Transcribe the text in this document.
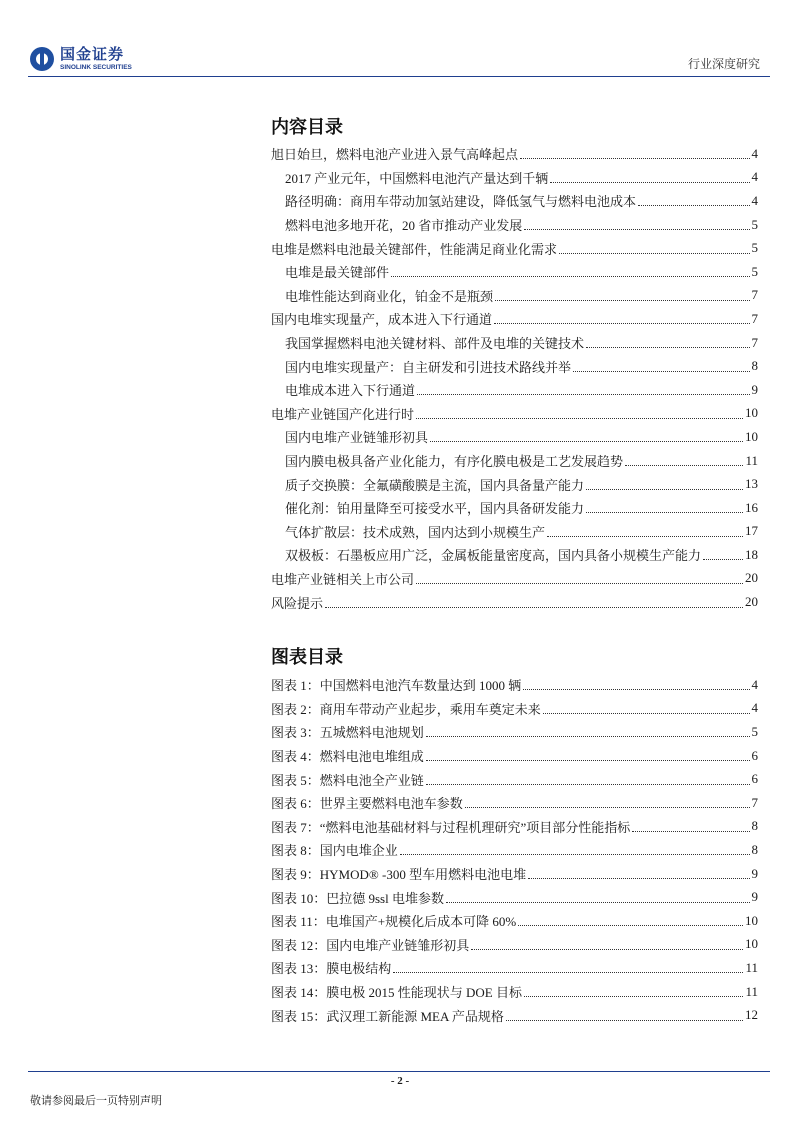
国金证券
SINOLINK SECURITIES	行业深度研究
内容目录
旭日始旦，燃料电池产业进入景气高峰起点	4
2017 产业元年，中国燃料电池汽产量达到千辆	4
路径明确：商用车带动加氢站建设，降低氢气与燃料电池成本	4
燃料电池多地开花，20 省市推动产业发展	5
电堆是燃料电池最关键部件，性能满足商业化需求	5
电堆是最关键部件	5
电堆性能达到商业化，铂金不是瓶颈	7
国内电堆实现量产，成本进入下行通道	7
我国掌握燃料电池关键材料、部件及电堆的关键技术	7
国内电堆实现量产：自主研发和引进技术路线并举	8
电堆成本进入下行通道	9
电堆产业链国产化进行时	10
国内电堆产业链雏形初具	10
国内膜电极具备产业化能力，有序化膜电极是工艺发展趋势	11
质子交换膜：全氟磺酸膜是主流，国内具备量产能力	13
催化剂：铂用量降至可接受水平，国内具备研发能力	16
气体扩散层：技术成熟，国内达到小规模生产	17
双极板：石墨板应用广泛，金属板能量密度高，国内具备小规模生产能力	18
电堆产业链相关上市公司	20
风险提示	20
图表目录
图表 1：中国燃料电池汽车数量达到 1000 辆	4
图表 2：商用车带动产业起步，乘用车奠定未来	4
图表 3：五城燃料电池规划	5
图表 4：燃料电池电堆组成	6
图表 5：燃料电池全产业链	6
图表 6：世界主要燃料电池车参数	7
图表 7：“燃料电池基础材料与过程机理研究”项目部分性能指标	8
图表 8：国内电堆企业	8
图表 9：HYMOD® -300 型车用燃料电池电堆	9
图表 10：巴拉德 9ssl 电堆参数	9
图表 11：电堆国产+规模化后成本可降 60%	10
图表 12：国内电堆产业链雏形初具	10
图表 13：膜电极结构	11
图表 14：膜电极 2015 性能现状与 DOE 目标	11
图表 15：武汉理工新能源 MEA 产品规格	12
- 2 -
敬请参阅最后一页特别声明
